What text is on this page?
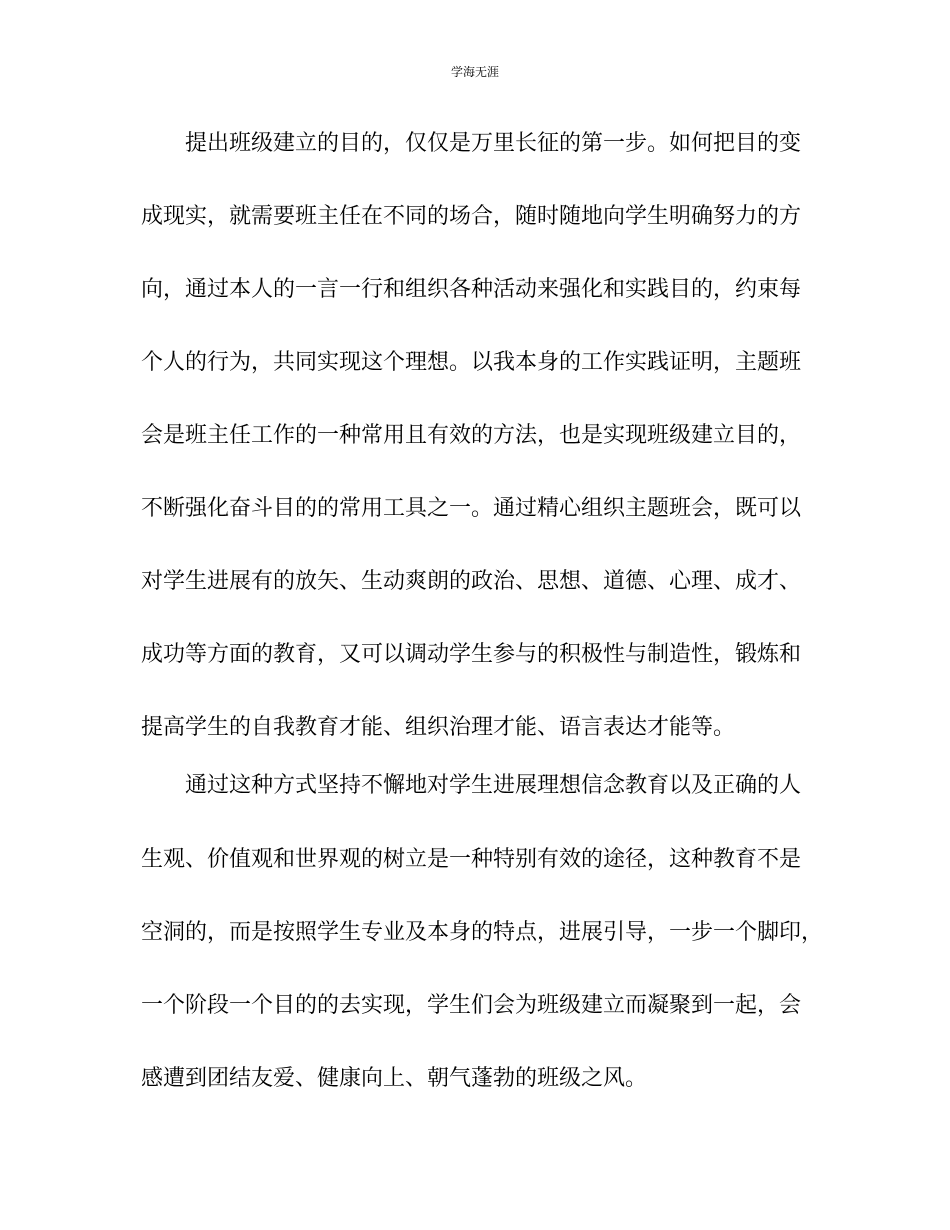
学海无涯

提出班级建立的目的，仅仅是万里长征的第一步。如何把目的变

成现实，就需要班主任在不同的场合，随时随地向学生明确努力的方

向，通过本人的一言一行和组织各种活动来强化和实践目的，约束每

个人的行为，共同实现这个理想。以我本身的工作实践证明，主题班

会是班主任工作的一种常用且有效的方法，也是实现班级建立目的，

不断强化奋斗目的的常用工具之一。通过精心组织主题班会，既可以

对学生进展有的放矢、生动爽朗的政治、思想、道德、心理、成才、

成功等方面的教育，又可以调动学生参与的积极性与制造性，锻炼和

提高学生的自我教育才能、组织治理才能、语言表达才能等。

通过这种方式坚持不懈地对学生进展理想信念教育以及正确的人

生观、价值观和世界观的树立是一种特别有效的途径，这种教育不是

空洞的，而是按照学生专业及本身的特点，进展引导，一步一个脚印，

一个阶段一个目的的去实现，学生们会为班级建立而凝聚到一起，会

感遭到团结友爱、健康向上、朝气蓬勃的班级之风。
